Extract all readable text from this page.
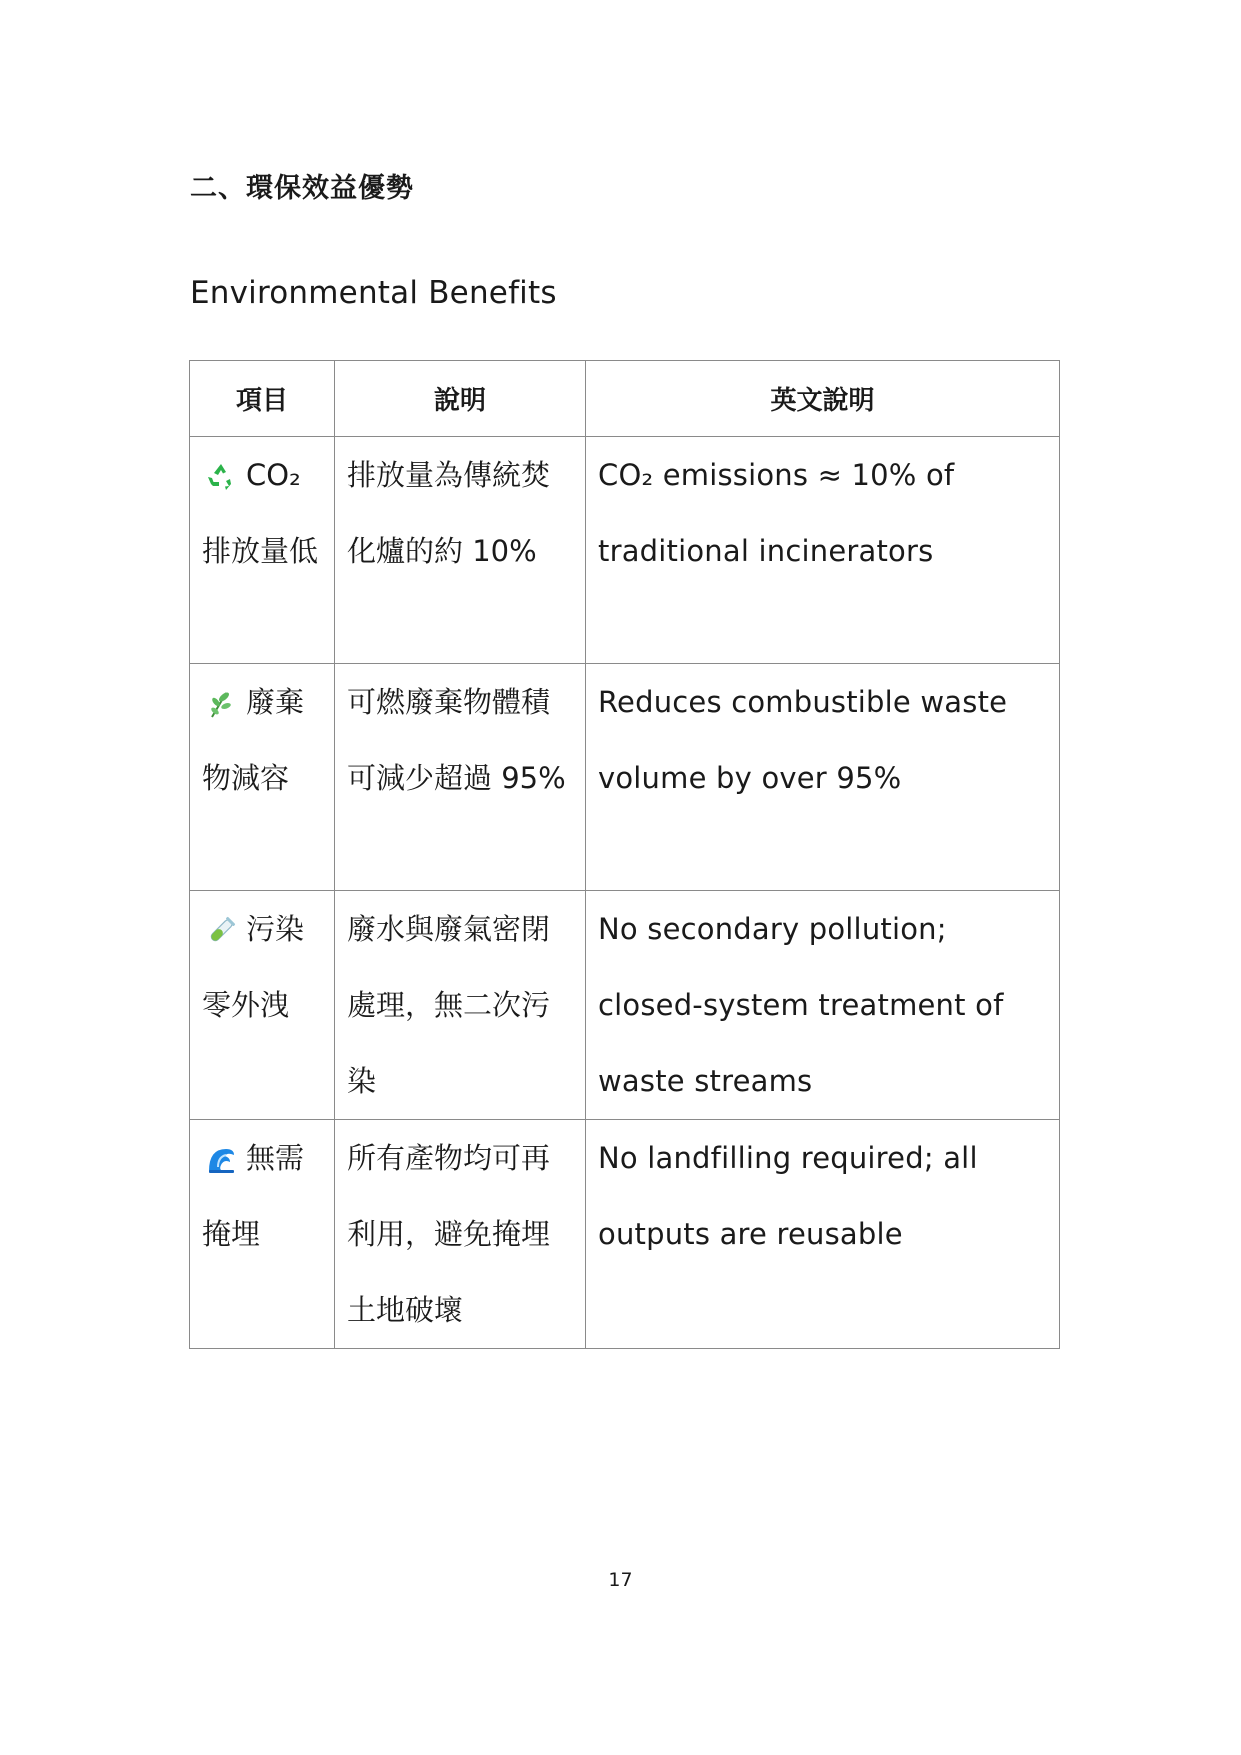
二、環保效益優勢
Environmental Benefits
項目	說明	英文說明

CO₂ 排放量低	排放量為傳統焚化爐的約 10%	CO₂ emissions ≈ 10% of traditional incinerators

廢棄物減容	可燃廢棄物體積可減少超過 95%	Reduces combustible waste volume by over 95%

污染零外洩	廢水與廢氣密閉處理，無二次污染	No secondary pollution; closed-system treatment of waste streams

無需掩埋	所有產物均可再利用，避免掩埋土地破壞	No landfilling required; all outputs are reusable
17
